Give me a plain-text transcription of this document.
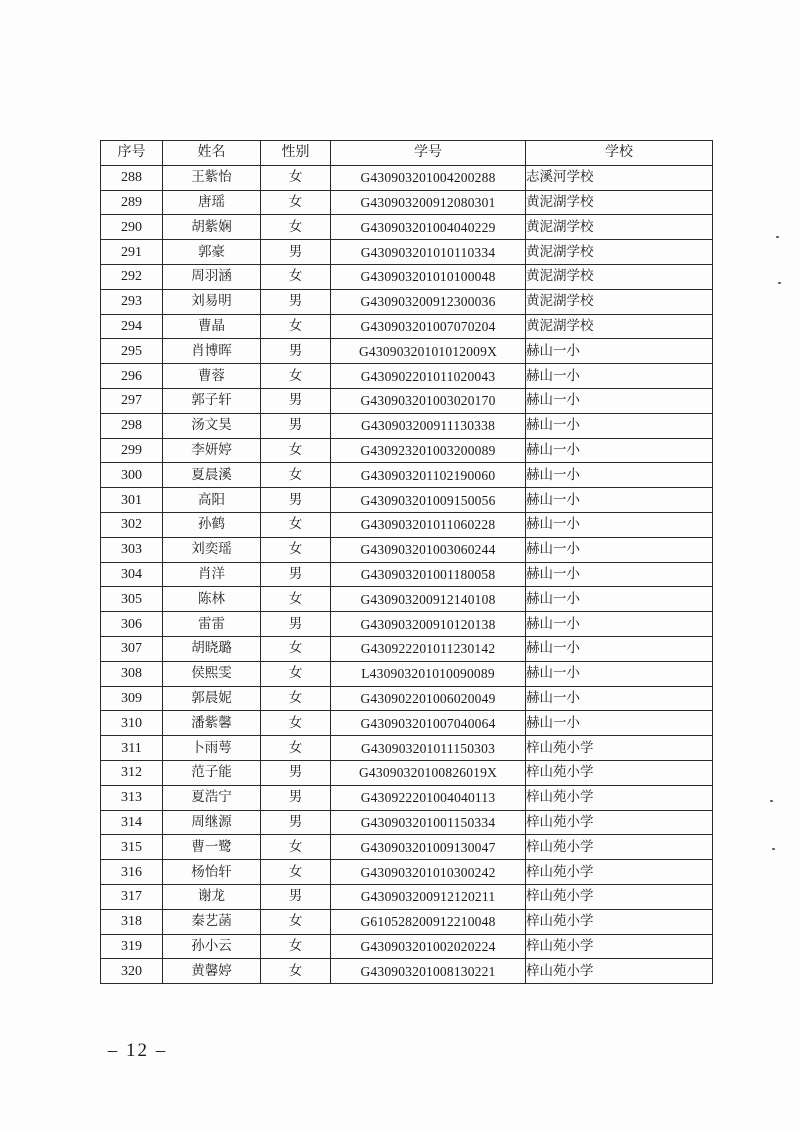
序号	姓名	性别	学号	学校
288	王紫怡	女	G430903201004200288	志溪河学校
289	唐瑶	女	G430903200912080301	黄泥湖学校
290	胡紫娴	女	G430903201004040229	黄泥湖学校
291	郭豪	男	G430903201010110334	黄泥湖学校
292	周羽涵	女	G430903201010100048	黄泥湖学校
293	刘易明	男	G430903200912300036	黄泥湖学校
294	曹晶	女	G430903201007070204	黄泥湖学校
295	肖博晖	男	G43090320101012009X	赫山一小
296	曹蓉	女	G430902201011020043	赫山一小
297	郭子轩	男	G430903201003020170	赫山一小
298	汤文昊	男	G430903200911130338	赫山一小
299	李妍婷	女	G430923201003200089	赫山一小
300	夏晨溪	女	G430903201102190060	赫山一小
301	高阳	男	G430903201009150056	赫山一小
302	孙鹤	女	G430903201011060228	赫山一小
303	刘奕瑶	女	G430903201003060244	赫山一小
304	肖洋	男	G430903201001180058	赫山一小
305	陈林	女	G430903200912140108	赫山一小
306	雷雷	男	G430903200910120138	赫山一小
307	胡晓璐	女	G430922201011230142	赫山一小
308	侯熙雯	女	L430903201010090089	赫山一小
309	郭晨妮	女	G430902201006020049	赫山一小
310	潘紫馨	女	G430903201007040064	赫山一小
311	卜雨萼	女	G430903201011150303	梓山苑小学
312	范子能	男	G43090320100826019X	梓山苑小学
313	夏浩宁	男	G430922201004040113	梓山苑小学
314	周继源	男	G430903201001150334	梓山苑小学
315	曹一鹭	女	G430903201009130047	梓山苑小学
316	杨怡轩	女	G430903201010300242	梓山苑小学
317	谢龙	男	G430903200912120211	梓山苑小学
318	秦艺菡	女	G610528200912210048	梓山苑小学
319	孙小云	女	G430903201002020224	梓山苑小学
320	黄馨婷	女	G430903201008130221	梓山苑小学
– 12 –
